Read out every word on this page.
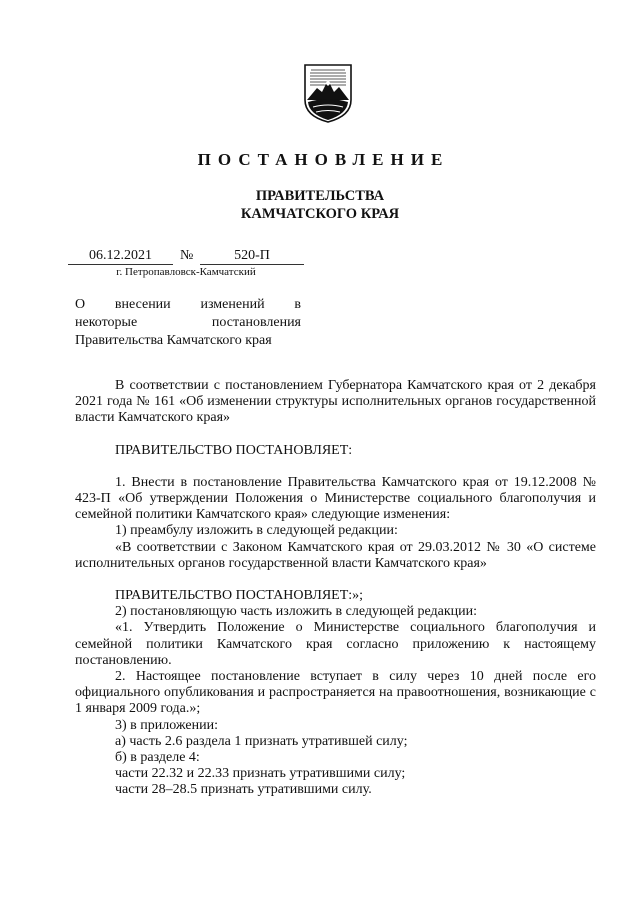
ПОСТАНОВЛЕНИЕ
ПРАВИТЕЛЬСТВА
КАМЧАТСКОГО КРАЯ
06.12.2021	№	520-П
г. Петропавловск-Камчатский
О внесении изменений в
некоторые постановления
Правительства Камчатского края

В соответствии с постановлением Губернатора Камчатского края от 2 декабря 2021 года № 161 «Об изменении структуры исполнительных органов государственной власти Камчатского края»

ПРАВИТЕЛЬСТВО ПОСТАНОВЛЯЕТ:

1. Внести в постановление Правительства Камчатского края от 19.12.2008 № 423-П «Об утверждении Положения о Министерстве социального благополучия и семейной политики Камчатского края» следующие изменения:

1) преамбулу изложить в следующей редакции:

«В соответствии с Законом Камчатского края от 29.03.2012 № 30 «О системе исполнительных органов государственной власти Камчатского края»

ПРАВИТЕЛЬСТВО ПОСТАНОВЛЯЕТ:»;

2) постановляющую часть изложить в следующей редакции:

«1. Утвердить Положение о Министерстве социального благополучия и семейной политики Камчатского края согласно приложению к настоящему постановлению.

2. Настоящее постановление вступает в силу через 10 дней после его официального опубликования и распространяется на правоотношения, возникающие с 1 января 2009 года.»;

3) в приложении:

а) часть 2.6 раздела 1 признать утратившей силу;

б) в разделе 4:

части 22.32 и 22.33 признать утратившими силу;

части 28–28.5 признать утратившими силу.
